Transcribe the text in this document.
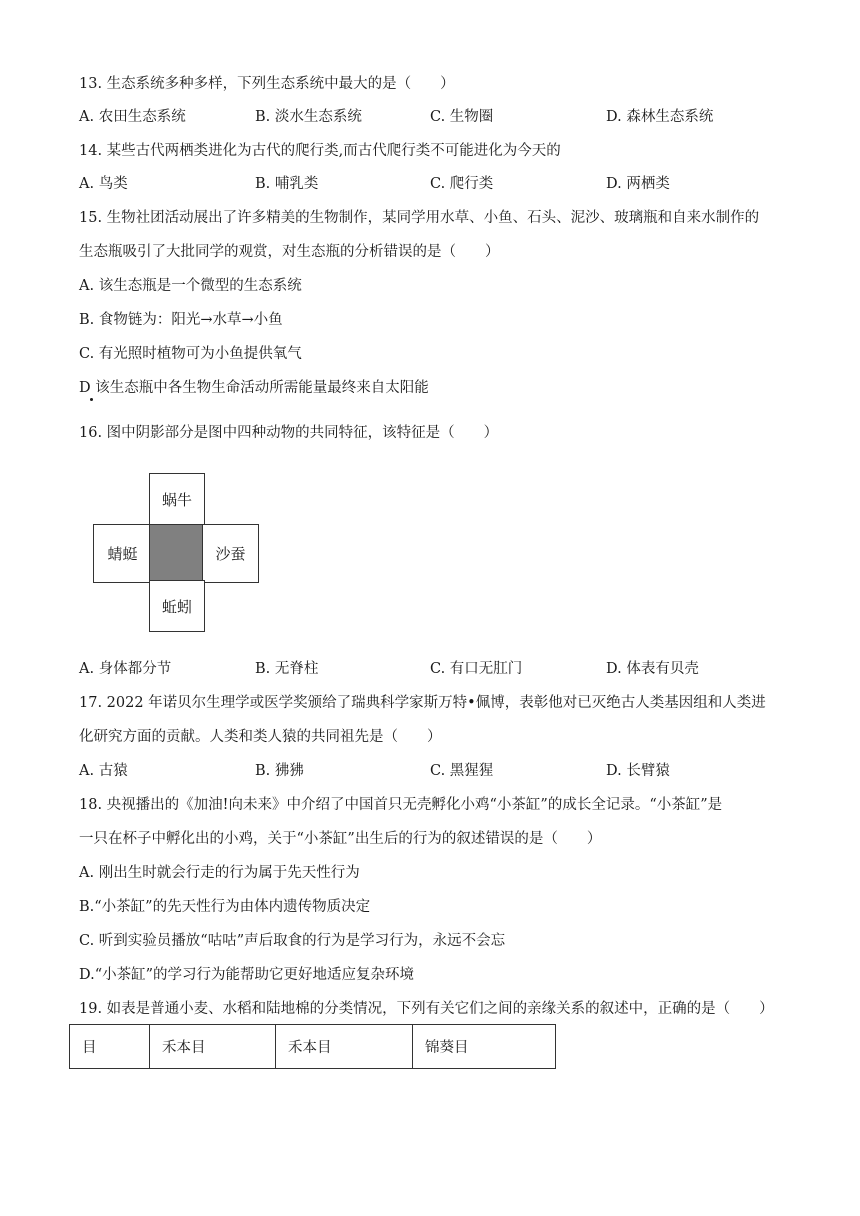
13. 生态系统多种多样，下列生态系统中最大的是（　　）
A. 农田生态系统	B. 淡水生态系统	C. 生物圈	D. 森林生态系统
14. 某些古代两栖类进化为古代的爬行类,而古代爬行类不可能进化为今天的
A. 鸟类	B. 哺乳类	C. 爬行类	D. 两栖类
15. 生物社团活动展出了许多精美的生物制作，某同学用水草、小鱼、石头、泥沙、玻璃瓶和自来水制作的
生态瓶吸引了大批同学的观赏，对生态瓶的分析错误的是（　　）
A. 该生态瓶是一个微型的生态系统
B. 食物链为：阳光→水草→小鱼
C. 有光照时植物可为小鱼提供氧气
D 该生态瓶中各生物生命活动所需能量最终来自太阳能
16. 图中阴影部分是图中四种动物的共同特征，该特征是（　　）
蜗牛
蜻蜓	沙蚕
蚯蚓
A. 身体都分节	B. 无脊柱	C. 有口无肛门	D. 体表有贝壳
17. 2022 年诺贝尔生理学或医学奖颁给了瑞典科学家斯万特•佩博，表彰他对已灭绝古人类基因组和人类进
化研究方面的贡献。人类和类人猿的共同祖先是（　　）
A. 古猿	B. 狒狒	C. 黑猩猩	D. 长臂猿
18. 央视播出的《加油!向未来》中介绍了中国首只无壳孵化小鸡“小茶缸”的成长全记录。“小茶缸”是
一只在杯子中孵化出的小鸡，关于“小茶缸”出生后的行为的叙述错误的是（　　）
A. 刚出生时就会行走的行为属于先天性行为
B.“小茶缸”的先天性行为由体内遗传物质决定
C. 听到实验员播放“咕咕”声后取食的行为是学习行为，永远不会忘
D.“小茶缸”的学习行为能帮助它更好地适应复杂环境
19. 如表是普通小麦、水稻和陆地棉的分类情况，下列有关它们之间的亲缘关系的叙述中，正确的是（　　）
目	禾本目	禾本目	锦葵目
